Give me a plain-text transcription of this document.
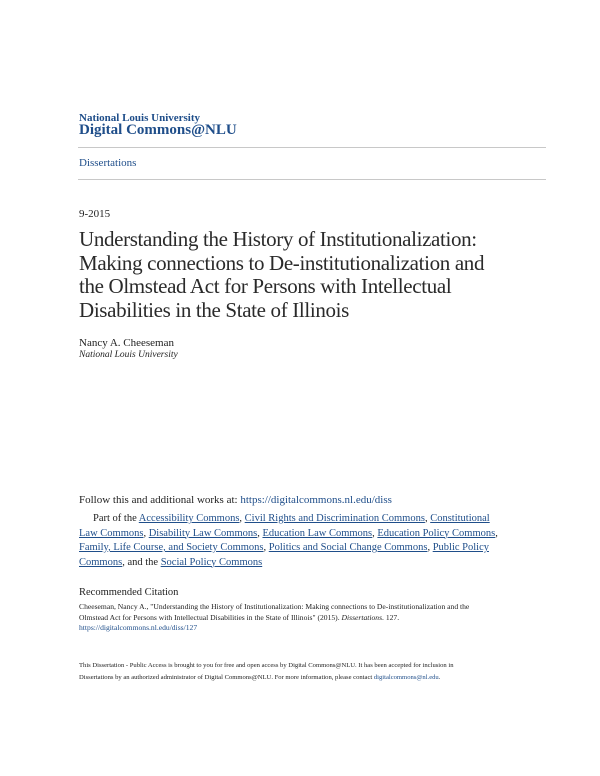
National Louis University
Digital Commons@NLU
Dissertations
9-2015
Understanding the History of Institutionalization:
Making connections to De-institutionalization and
the Olmstead Act for Persons with Intellectual
Disabilities in the State of Illinois
Nancy A. Cheeseman
National Louis University
Follow this and additional works at: https://digitalcommons.nl.edu/diss
Part of the Accessibility Commons, Civil Rights and Discrimination Commons, Constitutional
Law Commons, Disability Law Commons, Education Law Commons, Education Policy Commons,
Family, Life Course, and Society Commons, Politics and Social Change Commons, Public Policy
Commons, and the Social Policy Commons
Recommended Citation
Cheeseman, Nancy A., "Understanding the History of Institutionalization: Making connections to De-institutionalization and the
Olmstead Act for Persons with Intellectual Disabilities in the State of Illinois" (2015). Dissertations. 127.
https://digitalcommons.nl.edu/diss/127
This Dissertation - Public Access is brought to you for free and open access by Digital Commons@NLU. It has been accepted for inclusion in
Dissertations by an authorized administrator of Digital Commons@NLU. For more information, please contact digitalcommons@nl.edu.
